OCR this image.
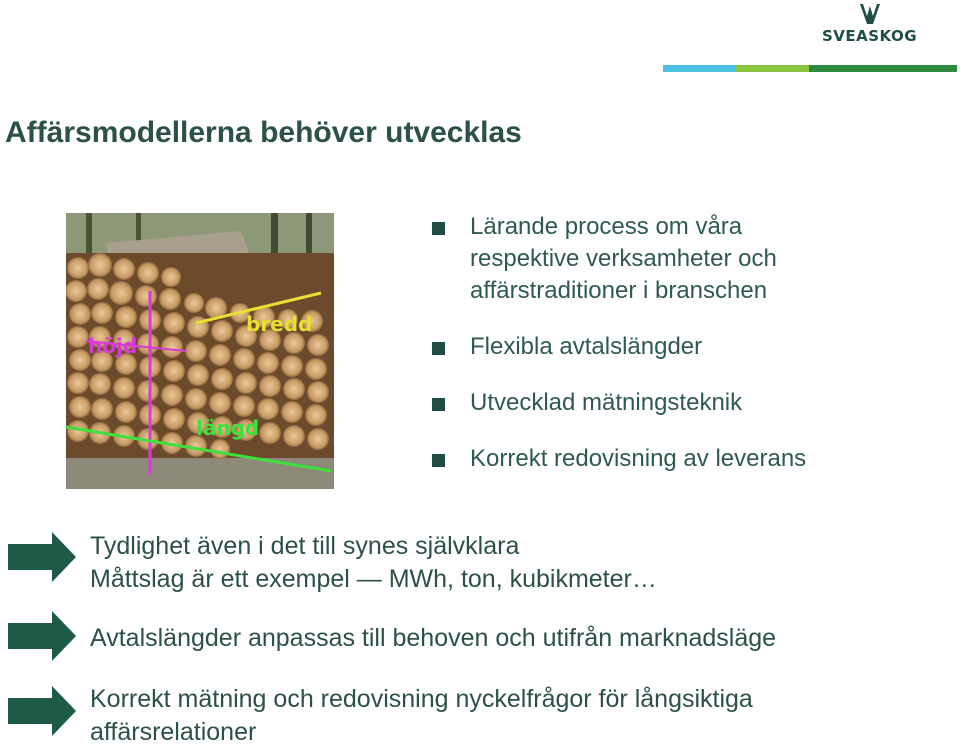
SVEASKOG
Affärsmodellerna behöver utvecklas
höjd
bredd
längd
Lärande process om våra
respektive verksamheter och
affärstraditioner i branschen
Flexibla avtalslängder
Utvecklad mätningsteknik
Korrekt redovisning av leverans
Tydlighet även i det till synes självklara
Måttslag är ett exempel — MWh, ton, kubikmeter…
Avtalslängder anpassas till behoven och utifrån marknadsläge
Korrekt mätning och redovisning nyckelfrågor för långsiktiga
affärsrelationer
